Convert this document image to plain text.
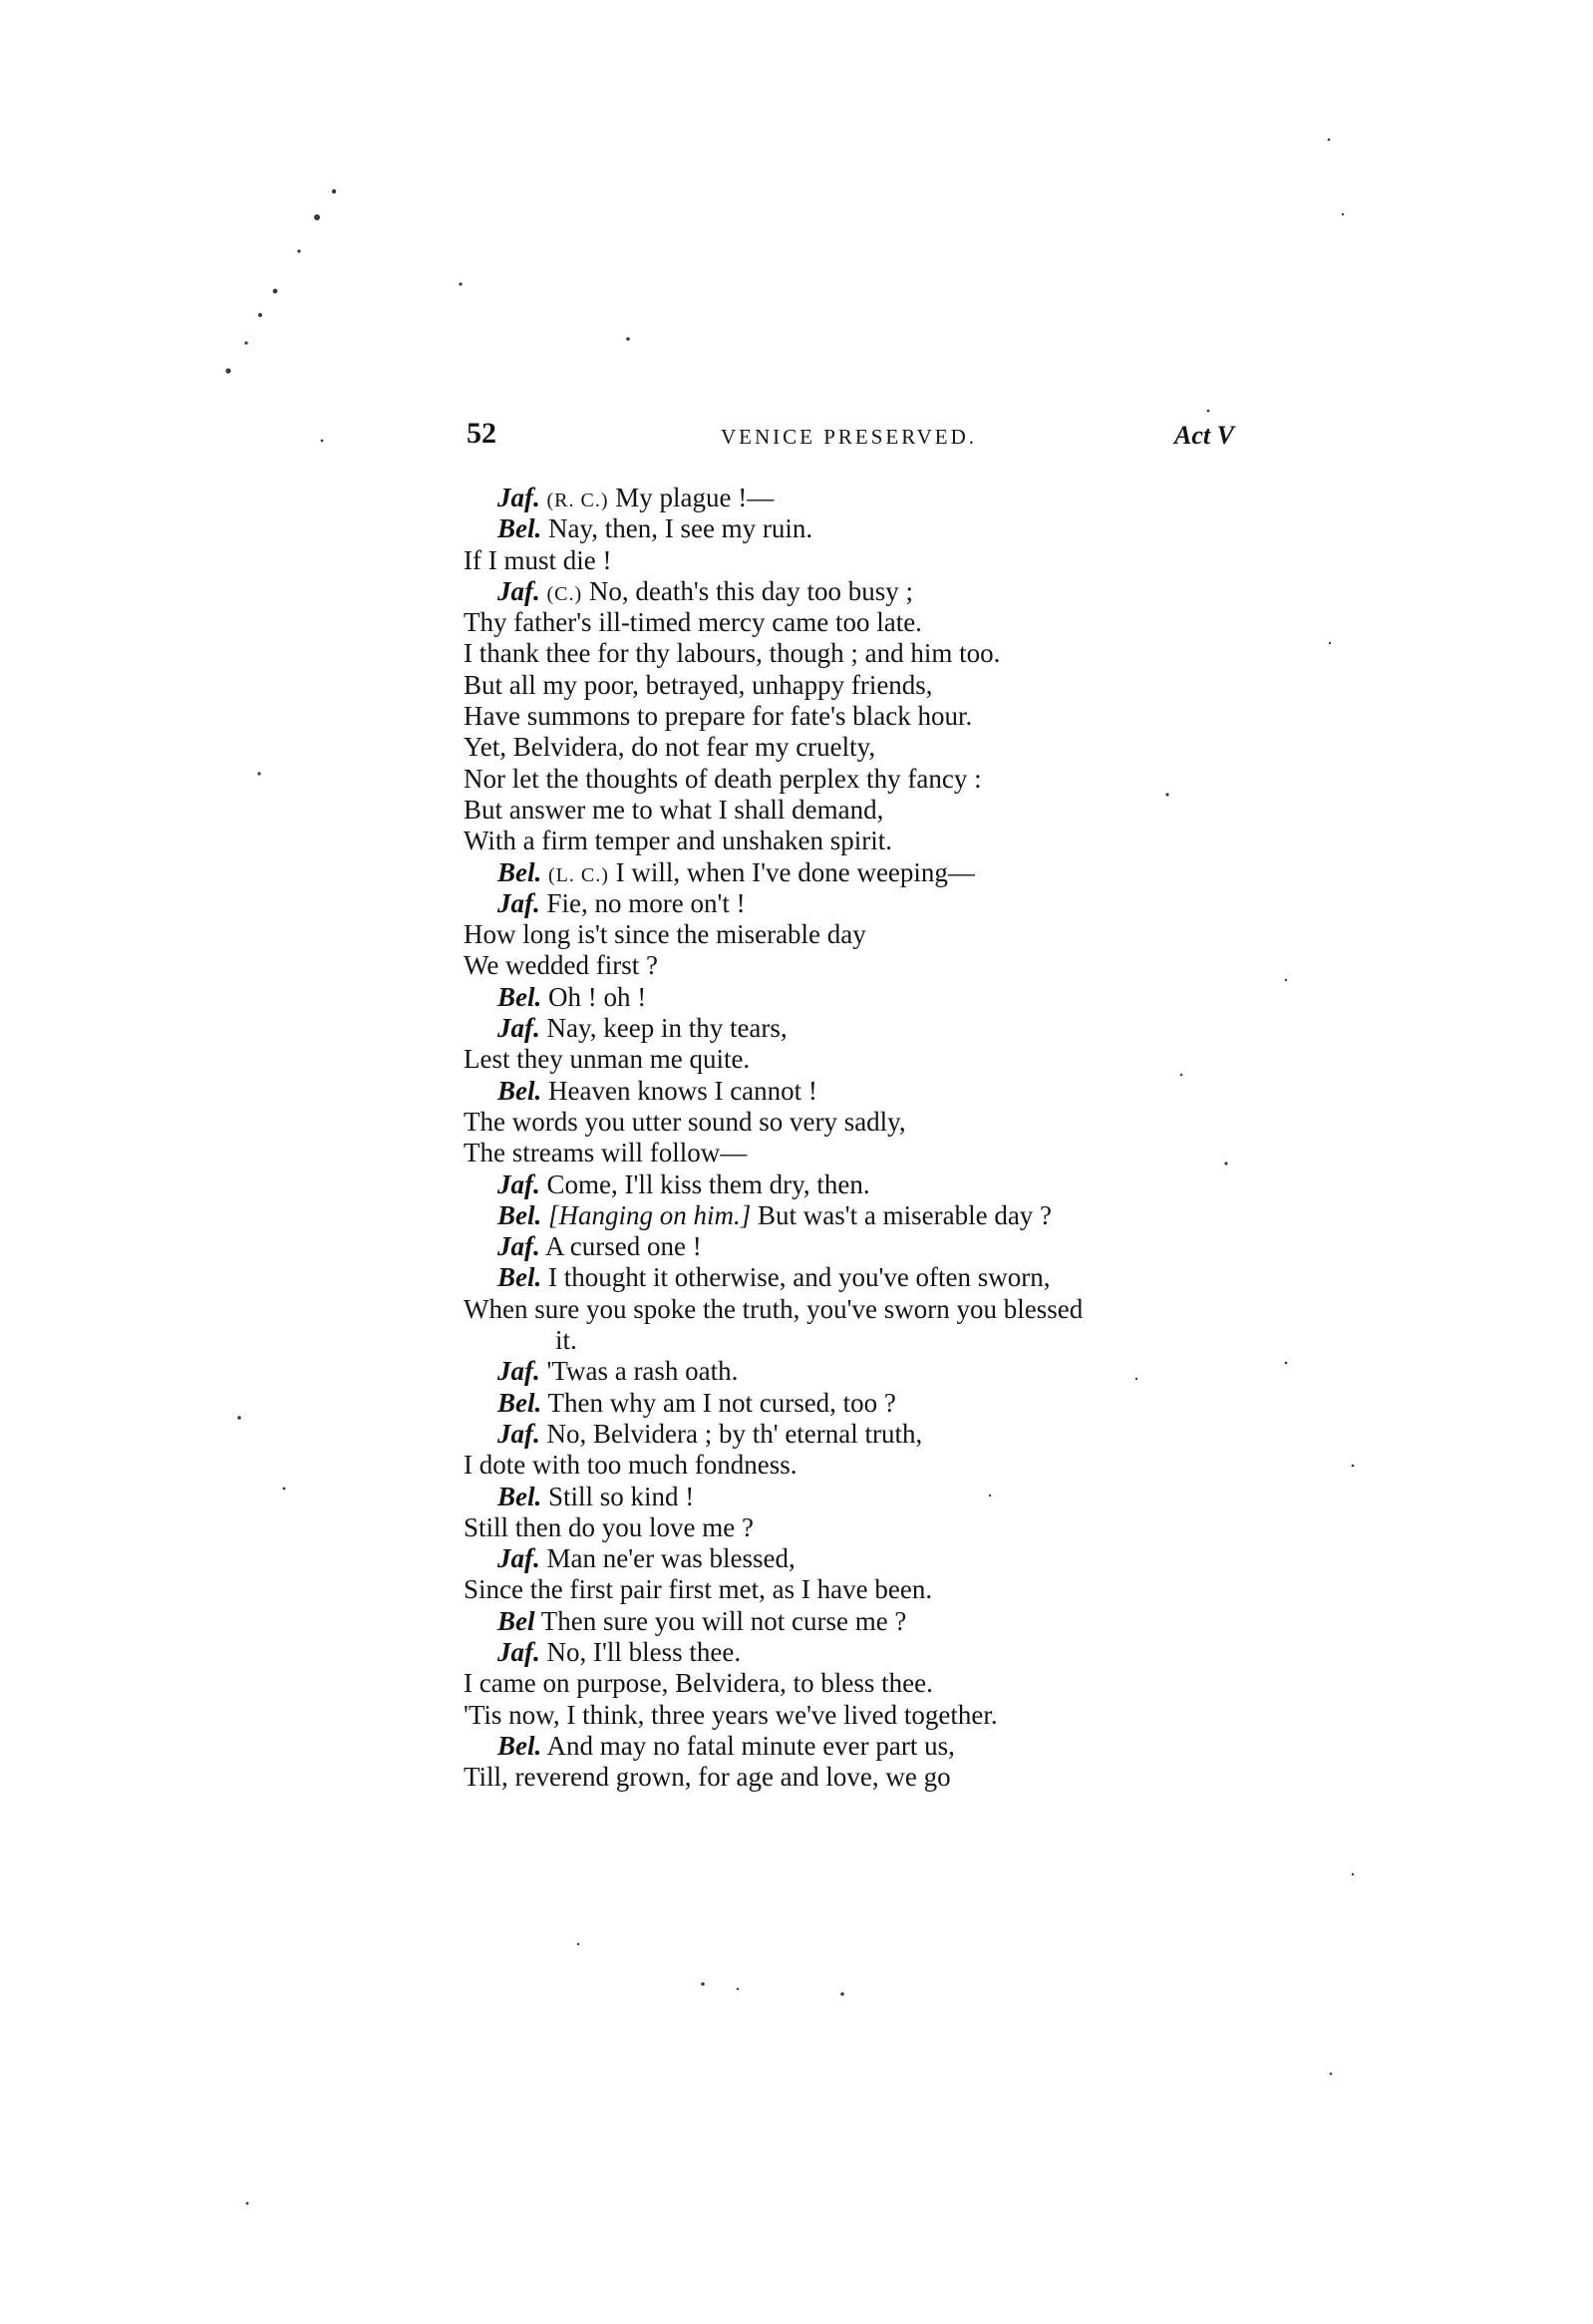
52	VENICE PRESERVED.	Act V
Jaf. (R. C.) My plague !—
Bel. Nay, then, I see my ruin.
If I must die !
Jaf. (C.) No, death's this day too busy ;
Thy father's ill-timed mercy came too late.
I thank thee for thy labours, though ; and him too.
But all my poor, betrayed, unhappy friends,
Have summons to prepare for fate's black hour.
Yet, Belvidera, do not fear my cruelty,
Nor let the thoughts of death perplex thy fancy :
But answer me to what I shall demand,
With a firm temper and unshaken spirit.
Bel. (L. C.) I will, when I've done weeping—
Jaf. Fie, no more on't !
How long is't since the miserable day
We wedded first ?
Bel. Oh ! oh !
Jaf. Nay, keep in thy tears,
Lest they unman me quite.
Bel. Heaven knows I cannot !
The words you utter sound so very sadly,
The streams will follow—
Jaf. Come, I'll kiss them dry, then.
Bel. [Hanging on him.] But was't a miserable day ?
Jaf. A cursed one !
Bel. I thought it otherwise, and you've often sworn,
When sure you spoke the truth, you've sworn you blessed
it.
Jaf. 'Twas a rash oath.
Bel. Then why am I not cursed, too ?
Jaf. No, Belvidera ; by th' eternal truth,
I dote with too much fondness.
Bel. Still so kind !
Still then do you love me ?
Jaf. Man ne'er was blessed,
Since the first pair first met, as I have been.
Bel Then sure you will not curse me ?
Jaf. No, I'll bless thee.
I came on purpose, Belvidera, to bless thee.
'Tis now, I think, three years we've lived together.
Bel. And may no fatal minute ever part us,
Till, reverend grown, for age and love, we go
